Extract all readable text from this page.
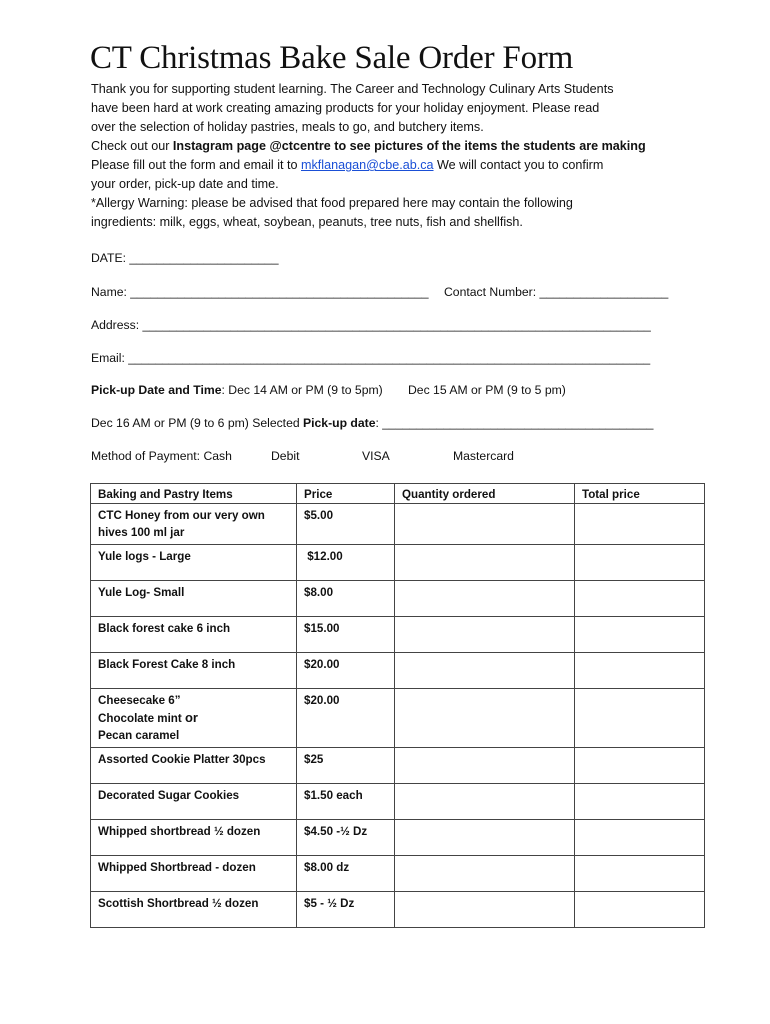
CT Christmas Bake Sale Order Form
Thank you for supporting student learning. The Career and Technology Culinary Arts Students
have been hard at work creating amazing products for your holiday enjoyment. Please read
over the selection of holiday pastries, meals to go, and butchery items.
Check out our Instagram page @ctcentre to see pictures of the items the students are making
Please fill out the form and email it to mkflanagan@cbe.ab.ca We will contact you to confirm
your order, pick-up date and time.
*Allergy Warning: please be advised that food prepared here may contain the following
ingredients: milk, eggs, wheat, soybean, peanuts, tree nuts, fish and shellfish.
DATE: ______________________
Name: ____________________________________________ Contact Number: ___________________
Address: ___________________________________________________________________________
Email: _____________________________________________________________________________
Pick-up Date and Time: Dec 14 AM or PM (9 to 5pm) Dec 15 AM or PM (9 to 5 pm)
Dec 16 AM or PM (9 to 6 pm) Selected Pick-up date: ________________________________________
Method of Payment: Cash	Debit	VISA	Mastercard
Baking and Pastry Items	Price	Quantity ordered	Total price
CTC Honey from our very own hives 100 ml jar	$5.00		
Yule logs - Large	$12.00		
Yule Log- Small	$8.00		
Black forest cake 6 inch	$15.00		
Black Forest Cake 8 inch	$20.00		

Cheesecake 6”
Chocolate mint or
Pecan caramel	$20.00		
Assorted Cookie Platter 30pcs	$25		
Decorated Sugar Cookies	$1.50 each		
Whipped shortbread ½ dozen	$4.50 -½ Dz		
Whipped Shortbread - dozen	$8.00 dz		
Scottish Shortbread ½ dozen	$5 - ½ Dz		
